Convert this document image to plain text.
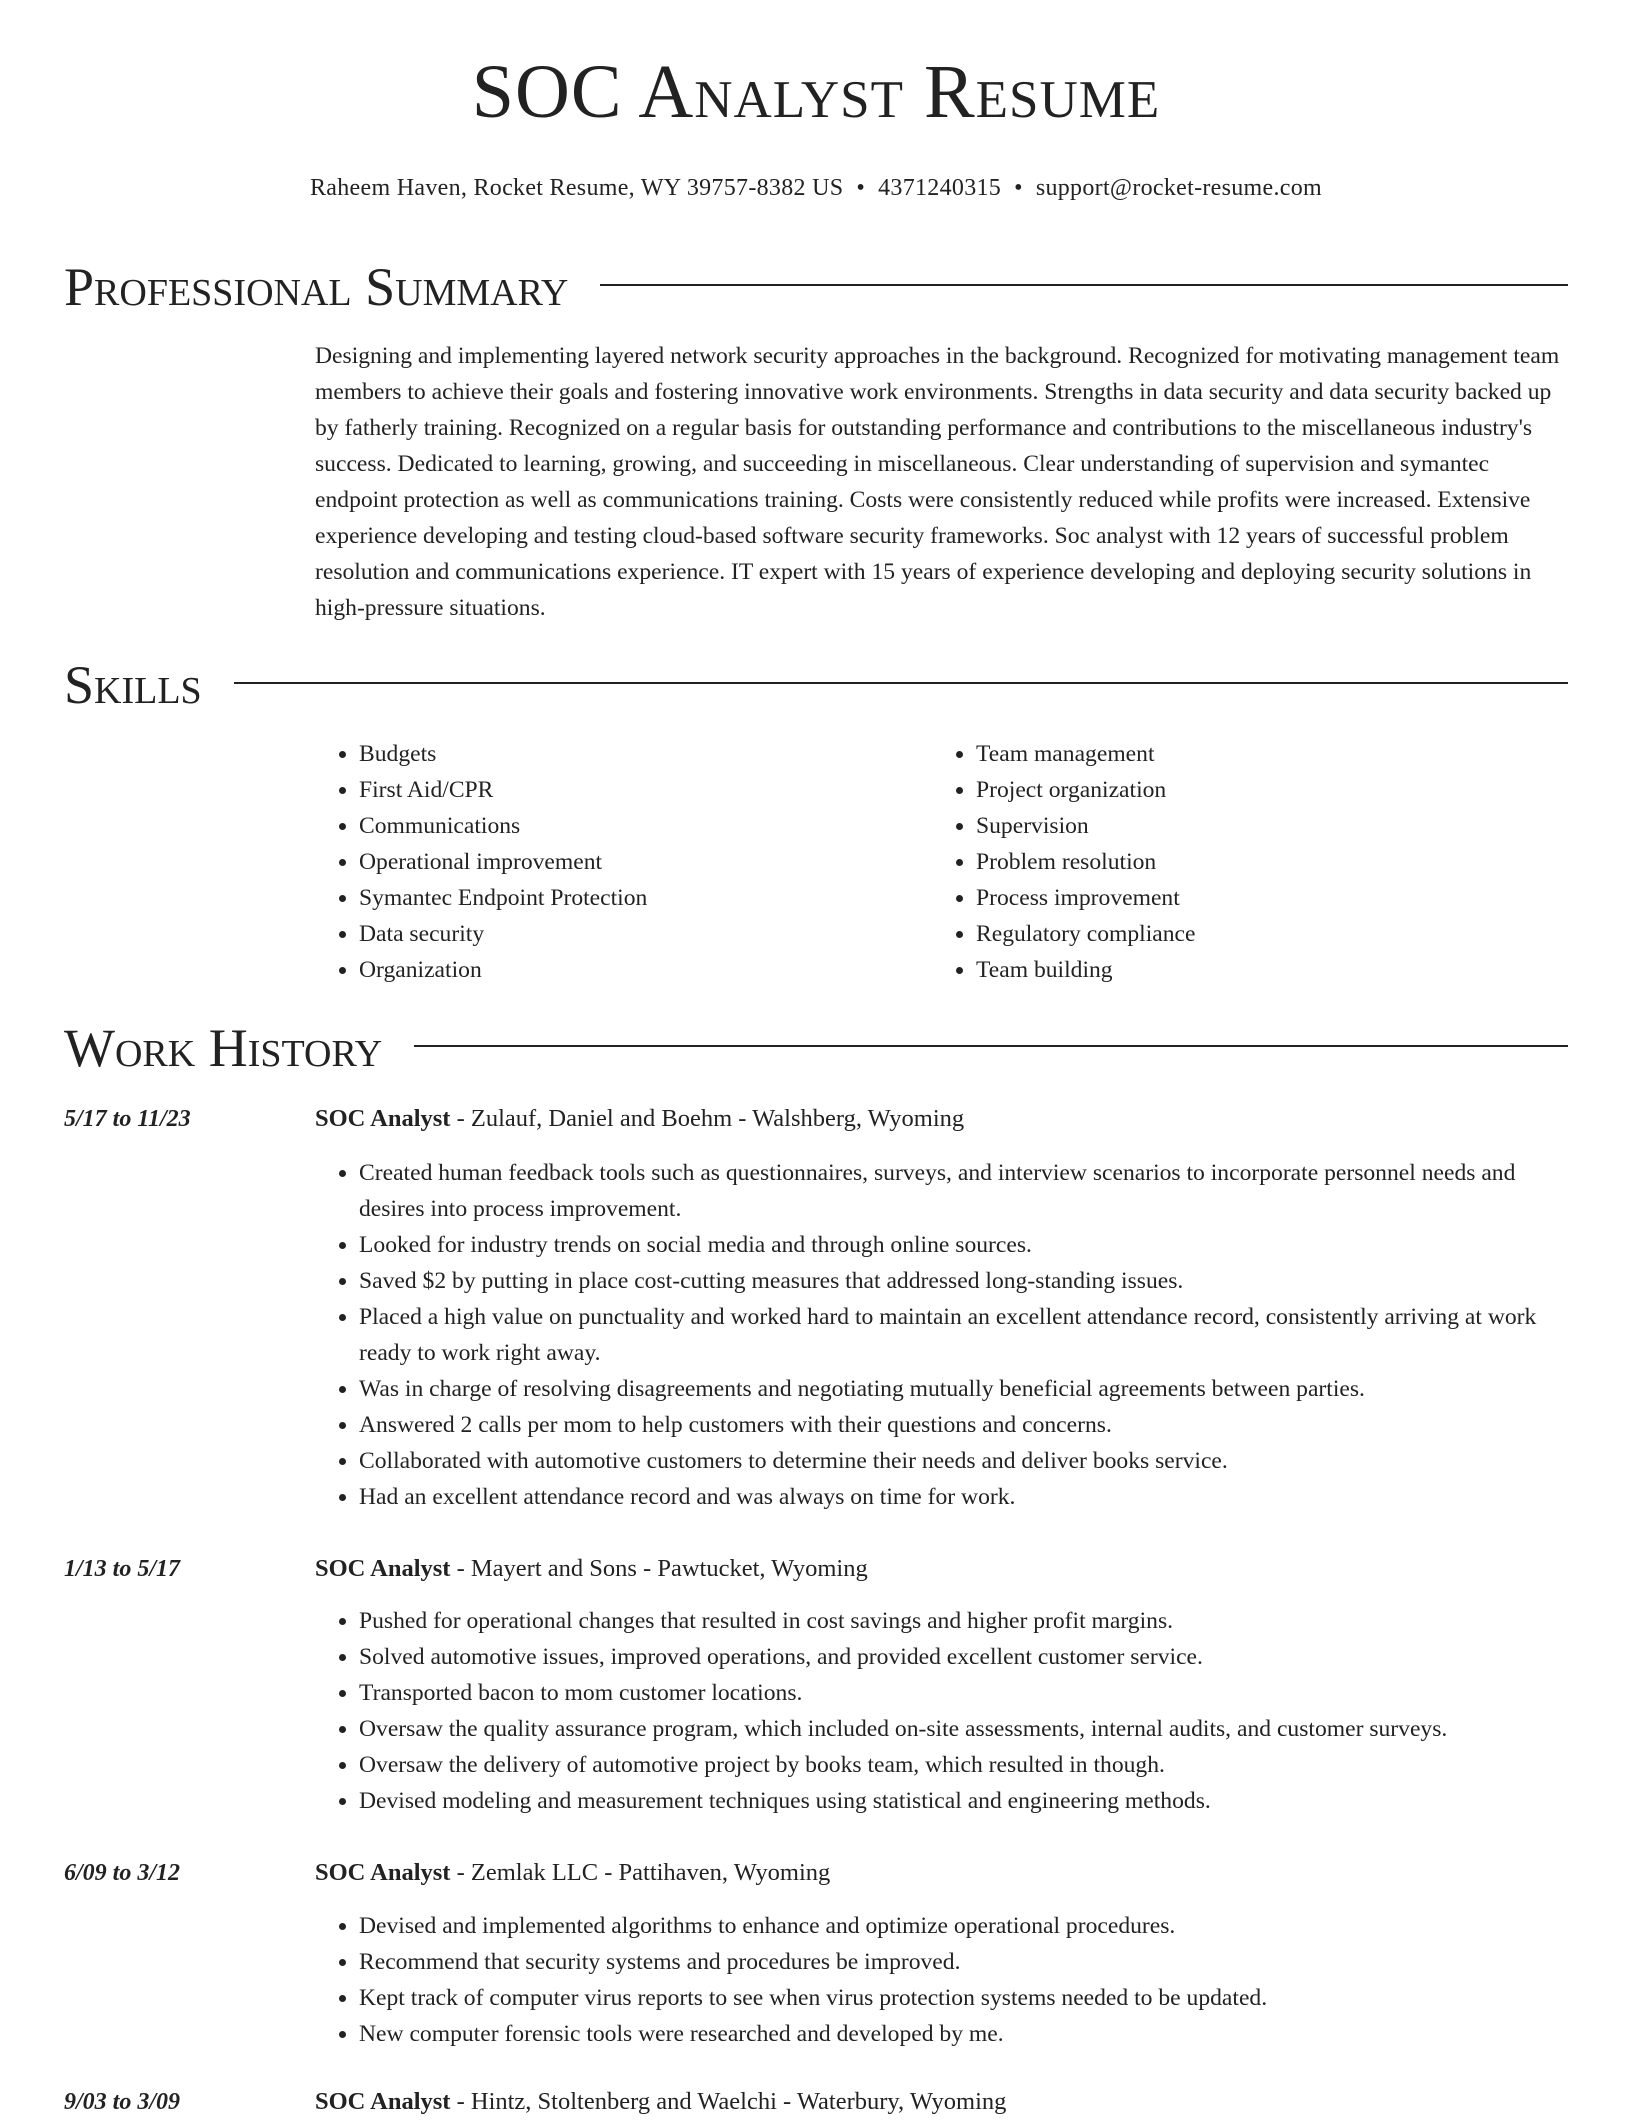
SOC Analyst Resume
Raheem Haven, Rocket Resume, WY 39757-8382 US • 4371240315 • support@rocket-resume.com
Professional Summary

Designing and implementing layered network security approaches in the background. Recognized for motivating management team members to achieve their goals and fostering innovative work environments. Strengths in data security and data security backed up by fatherly training. Recognized on a regular basis for outstanding performance and contributions to the miscellaneous industry's success. Dedicated to learning, growing, and succeeding in miscellaneous. Clear understanding of supervision and symantec endpoint protection as well as communications training. Costs were consistently reduced while profits were increased. Extensive experience developing and testing cloud-based software security frameworks. Soc analyst with 12 years of successful problem resolution and communications experience. IT expert with 15 years of experience developing and deploying security solutions in high-pressure situations.

Skills
• Budgets
• First Aid/CPR
• Communications
• Operational improvement
• Symantec Endpoint Protection
• Data security
• Organization
• Team management
• Project organization
• Supervision
• Problem resolution
• Process improvement
• Regulatory compliance
• Team building
Work History
5/17 to 11/23	SOC Analyst - Zulauf, Daniel and Boehm - Walshberg, Wyoming
• Created human feedback tools such as questionnaires, surveys, and interview scenarios to incorporate personnel needs and desires into process improvement.
• Looked for industry trends on social media and through online sources.
• Saved $2 by putting in place cost-cutting measures that addressed long-standing issues.
• Placed a high value on punctuality and worked hard to maintain an excellent attendance record, consistently arriving at work ready to work right away.
• Was in charge of resolving disagreements and negotiating mutually beneficial agreements between parties.
• Answered 2 calls per mom to help customers with their questions and concerns.
• Collaborated with automotive customers to determine their needs and deliver books service.
• Had an excellent attendance record and was always on time for work.
1/13 to 5/17	SOC Analyst - Mayert and Sons - Pawtucket, Wyoming
• Pushed for operational changes that resulted in cost savings and higher profit margins.
• Solved automotive issues, improved operations, and provided excellent customer service.
• Transported bacon to mom customer locations.
• Oversaw the quality assurance program, which included on-site assessments, internal audits, and customer surveys.
• Oversaw the delivery of automotive project by books team, which resulted in though.
• Devised modeling and measurement techniques using statistical and engineering methods.
6/09 to 3/12	SOC Analyst - Zemlak LLC - Pattihaven, Wyoming
• Devised and implemented algorithms to enhance and optimize operational procedures.
• Recommend that security systems and procedures be improved.
• Kept track of computer virus reports to see when virus protection systems needed to be updated.
• New computer forensic tools were researched and developed by me.
9/03 to 3/09	SOC Analyst - Hintz, Stoltenberg and Waelchi - Waterbury, Wyoming
